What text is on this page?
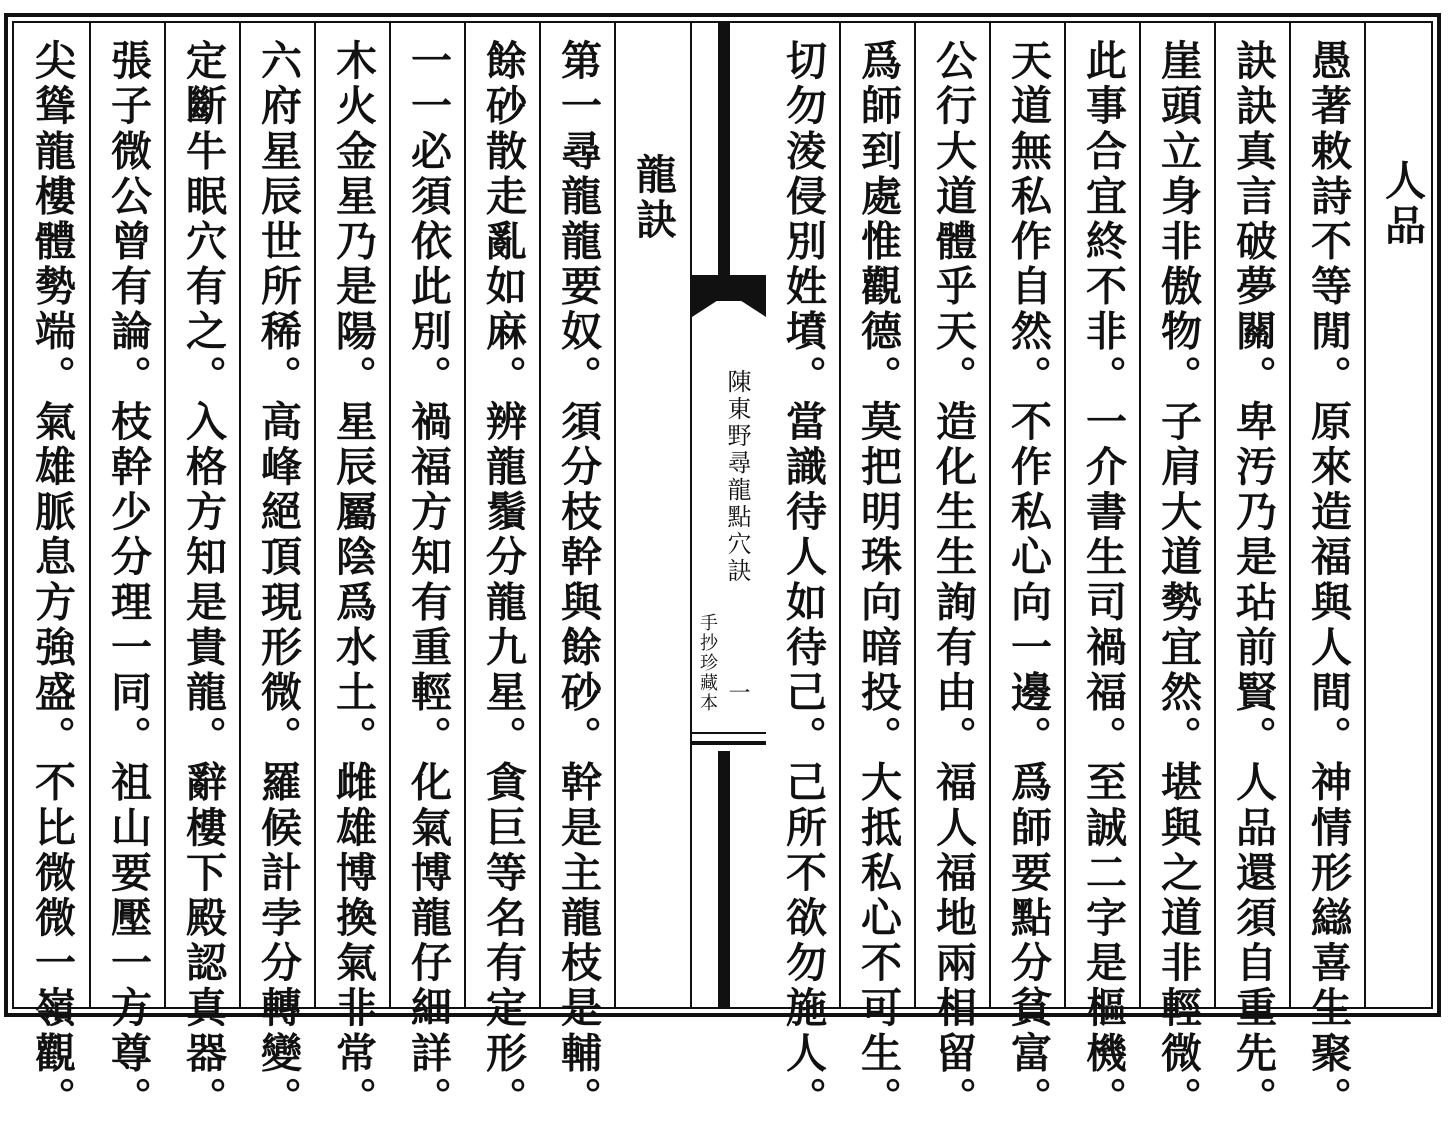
人品
愚著敕詩不等閒。原來造福與人間。神情形䜌喜生聚。
訣訣真言破夢關。卑汚乃是玷前賢。人品還須自重先。
崖頭立身非傲物。子肩大道勢宜然。堪與之道非輕微。
此事合宜終不非。一介書生司禍福。至誠二字是樞機。
天道無私作自然。不作私心向一邊。爲師要點分貧富。
公行大道體乎天。造化生生詢有由。福人福地兩相留。
爲師到處惟觀德。莫把明珠向暗投。大抵私心不可生。
切勿淩侵別姓墳。當識待人如待己。己所不欲勿施人。
陳東野尋龍點穴訣
手抄珍藏本 一
龍訣
第一尋龍龍要奴。須分枝幹與餘砂。幹是主龍枝是輔。
餘砂散走亂如麻。辨龍鬚分龍九星。貪巨等名有定形。
一一必須依此別。禍福方知有重輕。化氣博龍仔細詳。
木火金星乃是陽。星辰屬陰爲水土。雌雄博換氣非常。
六府星辰世所稀。高峰絕頂現形微。羅候計孛分轉變。
定斷牛眠穴有之。入格方知是貴龍。辭樓下殿認真器。
張子微公曾有論。枝幹少分理一同。祖山要壓一方尊。
尖聳龍樓體勢端。氣雄脈息方強盛。不比微微一嶺觀。
